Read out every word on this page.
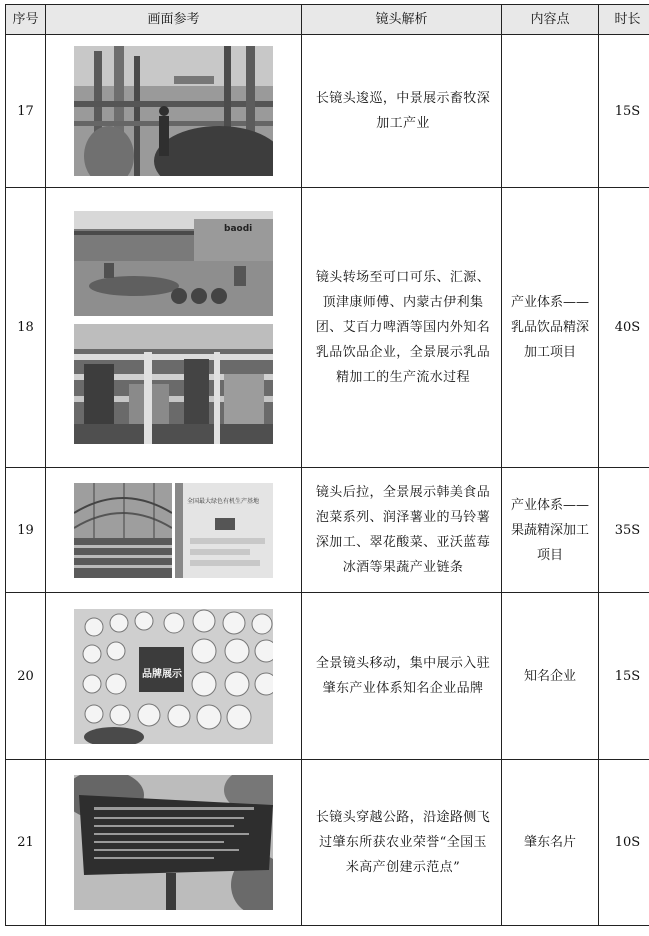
序号	画面参考	镜头解析	内容点	时长
17		长镜头逡巡，中景展示畜牧深加工产业		15S
18	baodi	镜头转场至可口可乐、汇源、顶津康师傅、内蒙古伊利集团、艾百力啤酒等国内外知名乳品饮品企业，全景展示乳品精加工的生产流水过程	产业体系——乳品饮品精深加工项目	40S
19	全国最大绿色有机生产基地	镜头后拉，全景展示韩美食品泡菜系列、润泽薯业的马铃薯深加工、翠花酸菜、亚沃蓝莓冰酒等果蔬产业链条	产业体系——果蔬精深加工项目	35S
20	品牌展示	全景镜头移动，集中展示入驻肇东产业体系知名企业品牌	知名企业	15S
21		长镜头穿越公路，沿途路侧飞过肇东所获农业荣誉“全国玉米高产创建示范点”	肇东名片	10S
